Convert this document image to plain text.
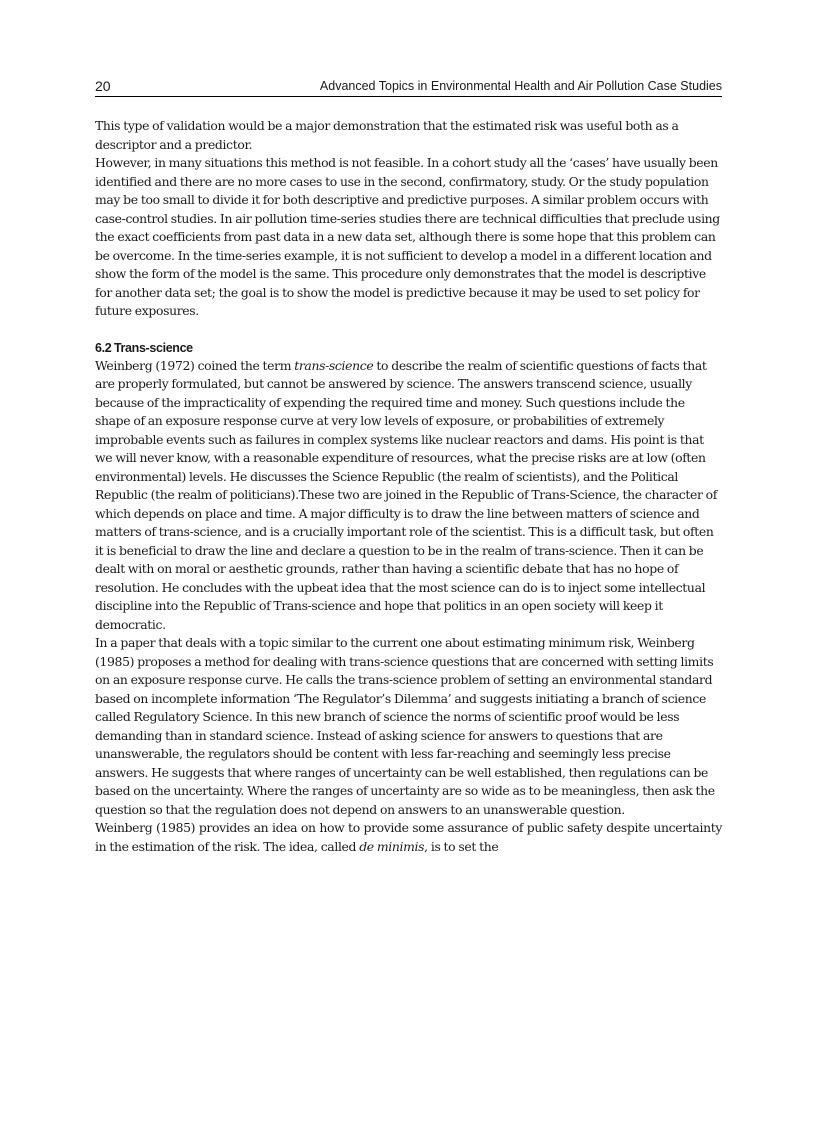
20	Advanced Topics in Environmental Health and Air Pollution Case Studies

This type of validation would be a major demonstration that the estimated risk was useful both as a descriptor and a predictor.

However, in many situations this method is not feasible. In a cohort study all the ‘cases’ have usually been identified and there are no more cases to use in the second, confirmatory, study. Or the study population may be too small to divide it for both descriptive and predictive purposes. A similar problem occurs with case-control studies. In air pollution time-series studies there are technical difficulties that preclude using the exact coefficients from past data in a new data set, although there is some hope that this problem can be overcome. In the time-series example, it is not sufficient to develop a model in a different location and show the form of the model is the same. This procedure only demonstrates that the model is descriptive for another data set; the goal is to show the model is predictive because it may be used to set policy for future exposures.

6.2 Trans-science

Weinberg (1972) coined the term trans-science to describe the realm of scientific questions of facts that are properly formulated, but cannot be answered by science. The answers transcend science, usually because of the impracticality of expending the required time and money. Such questions include the shape of an exposure response curve at very low levels of exposure, or probabilities of extremely improbable events such as failures in complex systems like nuclear reactors and dams. His point is that we will never know, with a reasonable expenditure of resources, what the precise risks are at low (often environmental) levels. He discusses the Science Republic (the realm of scientists), and the Political Republic (the realm of politicians).These two are joined in the Republic of Trans-Science, the character of which depends on place and time. A major difficulty is to draw the line between matters of science and matters of trans-science, and is a crucially important role of the scientist. This is a difficult task, but often it is beneficial to draw the line and declare a question to be in the realm of trans-science. Then it can be dealt with on moral or aesthetic grounds, rather than having a scientific debate that has no hope of resolution. He concludes with the upbeat idea that the most science can do is to inject some intellectual discipline into the Republic of Trans-science and hope that politics in an open society will keep it democratic.

In a paper that deals with a topic similar to the current one about estimating minimum risk, Weinberg (1985) proposes a method for dealing with trans-science questions that are concerned with setting limits on an exposure response curve. He calls the trans-science problem of setting an environmental standard based on incomplete information ‘The Regulator’s Dilemma’ and suggests initiating a branch of science called Regulatory Science. In this new branch of science the norms of scientific proof would be less demanding than in standard science. Instead of asking science for answers to questions that are unanswerable, the regulators should be content with less far-reaching and seemingly less precise answers. He suggests that where ranges of uncertainty can be well established, then regulations can be based on the uncertainty. Where the ranges of uncertainty are so wide as to be meaningless, then ask the question so that the regulation does not depend on answers to an unanswerable question.

Weinberg (1985) provides an idea on how to provide some assurance of public safety despite uncertainty in the estimation of the risk. The idea, called de minimis, is to set the
